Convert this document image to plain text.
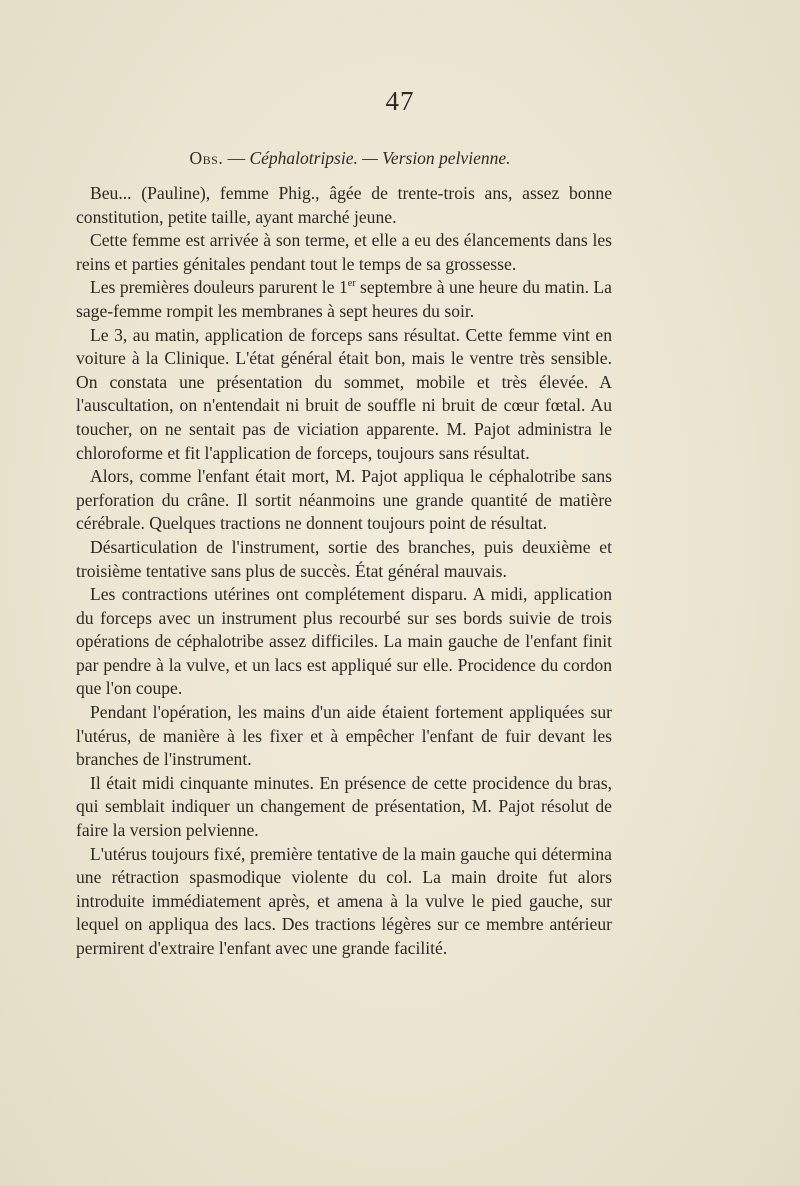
47
Obs. — Céphalotripsie. — Version pelvienne.

Beu... (Pauline), femme Phig., âgée de trente-trois ans, assez bonne constitution, petite taille, ayant marché jeune.

Cette femme est arrivée à son terme, et elle a eu des élancements dans les reins et parties génitales pendant tout le temps de sa grossesse.

Les premières douleurs parurent le 1er septembre à une heure du matin. La sage-femme rompit les membranes à sept heures du soir.

Le 3, au matin, application de forceps sans résultat. Cette femme vint en voiture à la Clinique. L'état général était bon, mais le ventre très sensible. On constata une présentation du sommet, mobile et très élevée. A l'auscultation, on n'entendait ni bruit de souffle ni bruit de cœur fœtal. Au toucher, on ne sentait pas de viciation apparente. M. Pajot administra le chloroforme et fit l'application de forceps, toujours sans résultat.

Alors, comme l'enfant était mort, M. Pajot appliqua le céphalotribe sans perforation du crâne. Il sortit néanmoins une grande quantité de matière cérébrale. Quelques tractions ne donnent toujours point de résultat.

Désarticulation de l'instrument, sortie des branches, puis deuxième et troisième tentative sans plus de succès. État général mauvais.

Les contractions utérines ont complétement disparu. A midi, application du forceps avec un instrument plus recourbé sur ses bords suivie de trois opérations de céphalotribe assez difficiles. La main gauche de l'enfant finit par pendre à la vulve, et un lacs est appliqué sur elle. Procidence du cordon que l'on coupe.

Pendant l'opération, les mains d'un aide étaient fortement appliquées sur l'utérus, de manière à les fixer et à empêcher l'enfant de fuir devant les branches de l'instrument.

Il était midi cinquante minutes. En présence de cette procidence du bras, qui semblait indiquer un changement de présentation, M. Pajot résolut de faire la version pelvienne.

L'utérus toujours fixé, première tentative de la main gauche qui détermina une rétraction spasmodique violente du col. La main droite fut alors introduite immédiatement après, et amena à la vulve le pied gauche, sur lequel on appliqua des lacs. Des tractions légères sur ce membre antérieur permirent d'extraire l'enfant avec une grande facilité.
